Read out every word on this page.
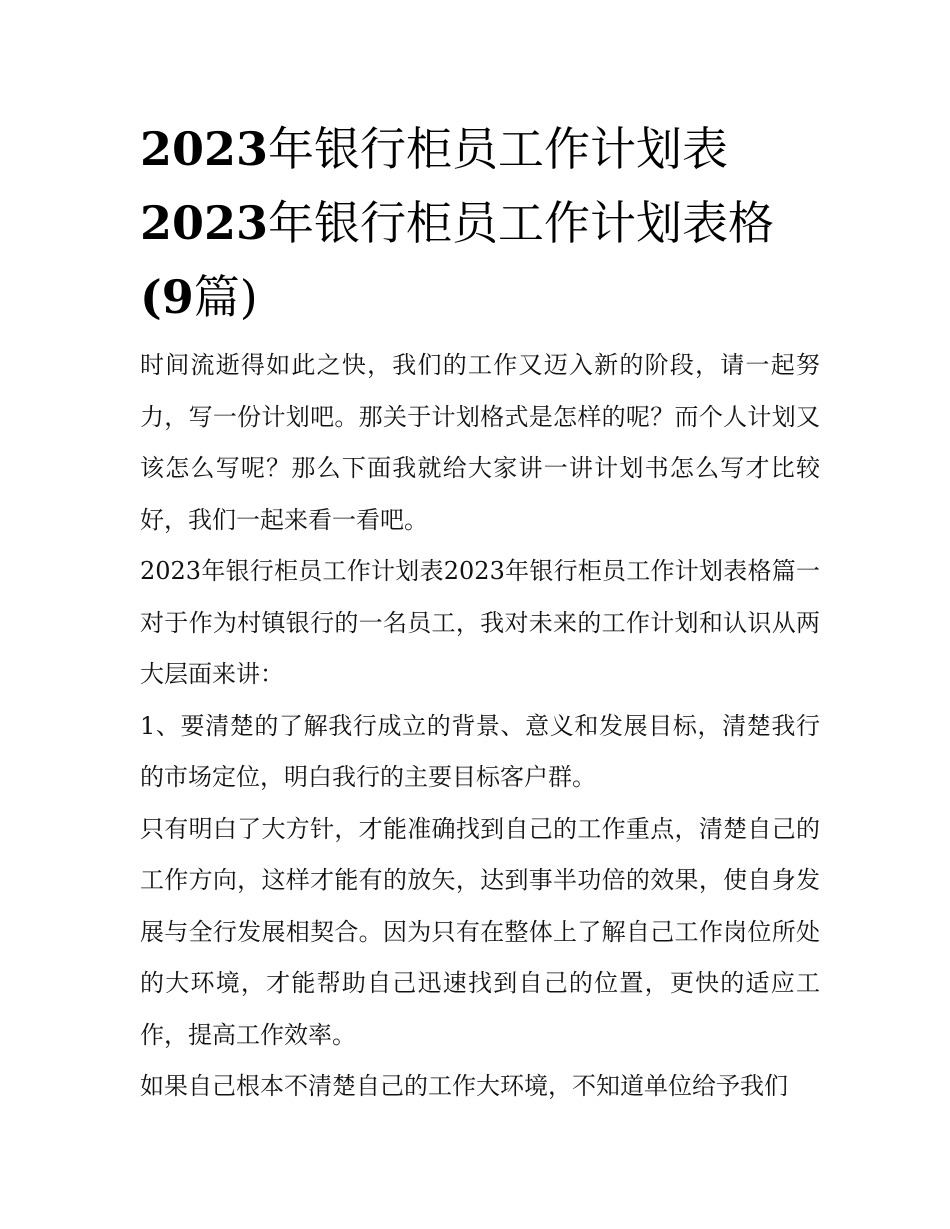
2023年银行柜员工作计划表
2023年银行柜员工作计划表格
(9篇)

时间流逝得如此之快，我们的工作又迈入新的阶段，请一起努力，写一份计划吧。那关于计划格式是怎样的呢？而个人计划又该怎么写呢？那么下面我就给大家讲一讲计划书怎么写才比较好，我们一起来看一看吧。

2023年银行柜员工作计划表2023年银行柜员工作计划表格篇一 对于作为村镇银行的一名员工，我对未来的工作计划和认识从两大层面来讲：

1、要清楚的了解我行成立的背景、意义和发展目标，清楚我行的市场定位，明白我行的主要目标客户群。

只有明白了大方针，才能准确找到自己的工作重点，清楚自己的工作方向，这样才能有的放矢，达到事半功倍的效果，使自身发展与全行发展相契合。因为只有在整体上了解自己工作岗位所处的大环境，才能帮助自己迅速找到自己的位置，更快的适应工作，提高工作效率。

如果自己根本不清楚自己的工作大环境，不知道单位给予我们
